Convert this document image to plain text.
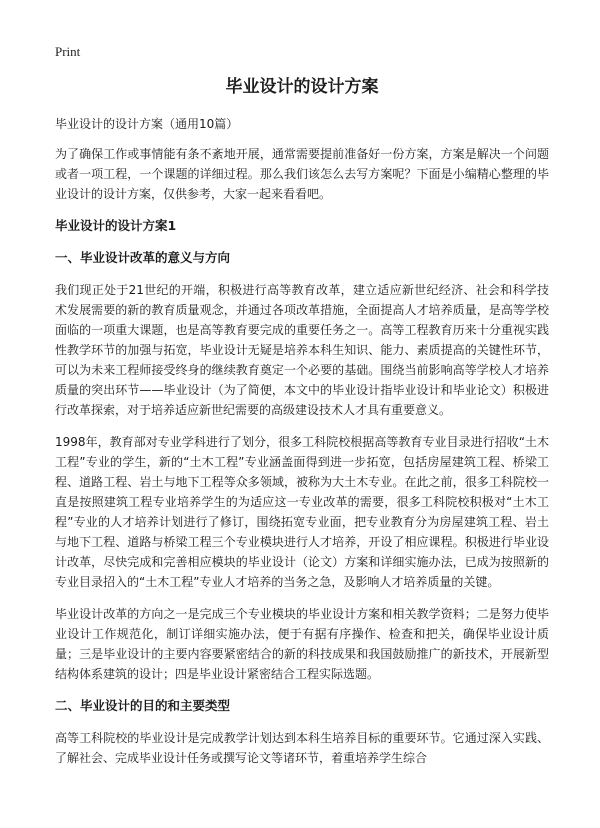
Print
毕业设计的设计方案
毕业设计的设计方案（通用10篇）

为了确保工作或事情能有条不紊地开展，通常需要提前准备好一份方案，方案是解决一个问题或者一项工程，一个课题的详细过程。那么我们该怎么去写方案呢？下面是小编精心整理的毕业设计的设计方案，仅供参考，大家一起来看看吧。

毕业设计的设计方案1
一、毕业设计改革的意义与方向

我们现正处于21世纪的开端，积极进行高等教育改革，建立适应新世纪经济、社会和科学技术发展需要的新的教育质量观念，并通过各项改革措施，全面提高人才培养质量，是高等学校面临的一项重大课题，也是高等教育要完成的重要任务之一。高等工程教育历来十分重视实践性教学环节的加强与拓宽，毕业设计无疑是培养本科生知识、能力、素质提高的关键性环节，可以为未来工程师接受终身的继续教育奠定一个必要的基础。围绕当前影响高等学校人才培养质量的突出环节——毕业设计（为了简便，本文中的毕业设计指毕业设计和毕业论文）积极进行改革探索，对于培养适应新世纪需要的高级建设技术人才具有重要意义。

1998年，教育部对专业学科进行了划分，很多工科院校根据高等教育专业目录进行招收“土木工程”专业的学生，新的“土木工程”专业涵盖面得到进一步拓宽，包括房屋建筑工程、桥梁工程、道路工程、岩土与地下工程等众多领域，被称为大土木专业。在此之前，很多工科院校一直是按照建筑工程专业培养学生的为适应这一专业改革的需要，很多工科院校积极对“土木工程”专业的人才培养计划进行了修订，围绕拓宽专业面，把专业教育分为房屋建筑工程、岩土与地下工程、道路与桥梁工程三个专业模块进行人才培养，开设了相应课程。积极进行毕业设计改革，尽快完成和完善相应模块的毕业设计（论文）方案和详细实施办法，已成为按照新的专业目录招入的“土木工程”专业人才培养的当务之急，及影响人才培养质量的关键。

毕业设计改革的方向之一是完成三个专业模块的毕业设计方案和相关教学资料；二是努力使毕业设计工作规范化，制订详细实施办法，便于有据有序操作、检查和把关，确保毕业设计质量；三是毕业设计的主要内容要紧密结合的新的科技成果和我国鼓励推广的新技术，开展新型结构体系建筑的设计；四是毕业设计紧密结合工程实际选题。

二、毕业设计的目的和主要类型

高等工科院校的毕业设计是完成教学计划达到本科生培养目标的重要环节。它通过深入实践、了解社会、完成毕业设计任务或撰写论文等诸环节，着重培养学生综合
